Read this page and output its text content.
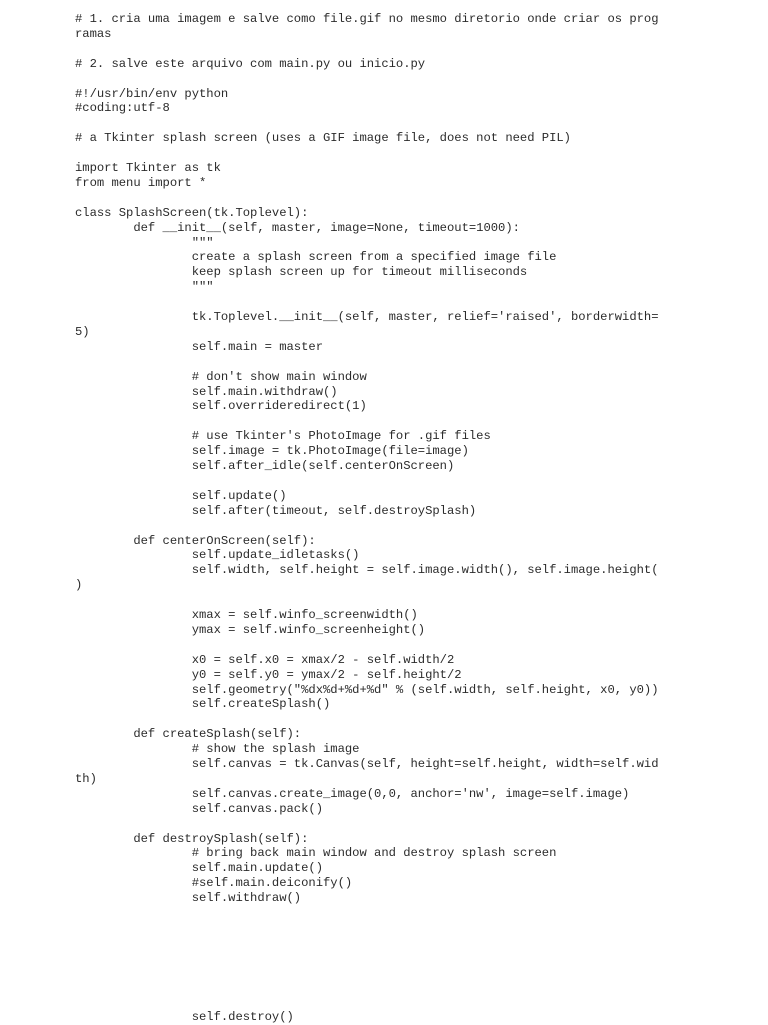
# 1. cria uma imagem e salve como file.gif no mesmo diretorio onde criar os prog
ramas
# 2. salve este arquivo com main.py ou inicio.py
#!/usr/bin/env python
#coding:utf-8
# a Tkinter splash screen (uses a GIF image file, does not need PIL)
import Tkinter as tk
from menu import *
class SplashScreen(tk.Toplevel):
def __init__(self, master, image=None, timeout=1000):
"""
create a splash screen from a specified image file
keep splash screen up for timeout milliseconds
"""
tk.Toplevel.__init__(self, master, relief='raised', borderwidth=
5)
self.main = master
# don't show main window
self.main.withdraw()
self.overrideredirect(1)
# use Tkinter's PhotoImage for .gif files
self.image = tk.PhotoImage(file=image)
self.after_idle(self.centerOnScreen)
self.update()
self.after(timeout, self.destroySplash)
def centerOnScreen(self):
self.update_idletasks()
self.width, self.height = self.image.width(), self.image.height(
)
xmax = self.winfo_screenwidth()
ymax = self.winfo_screenheight()
x0 = self.x0 = xmax/2 - self.width/2
y0 = self.y0 = ymax/2 - self.height/2
self.geometry("%dx%d+%d+%d" % (self.width, self.height, x0, y0))
self.createSplash()
def createSplash(self):
# show the splash image
self.canvas = tk.Canvas(self, height=self.height, width=self.wid
th)
self.canvas.create_image(0,0, anchor='nw', image=self.image)
self.canvas.pack()
def destroySplash(self):
# bring back main window and destroy splash screen
self.main.update()
#self.main.deiconify()
self.withdraw()
self.destroy()
